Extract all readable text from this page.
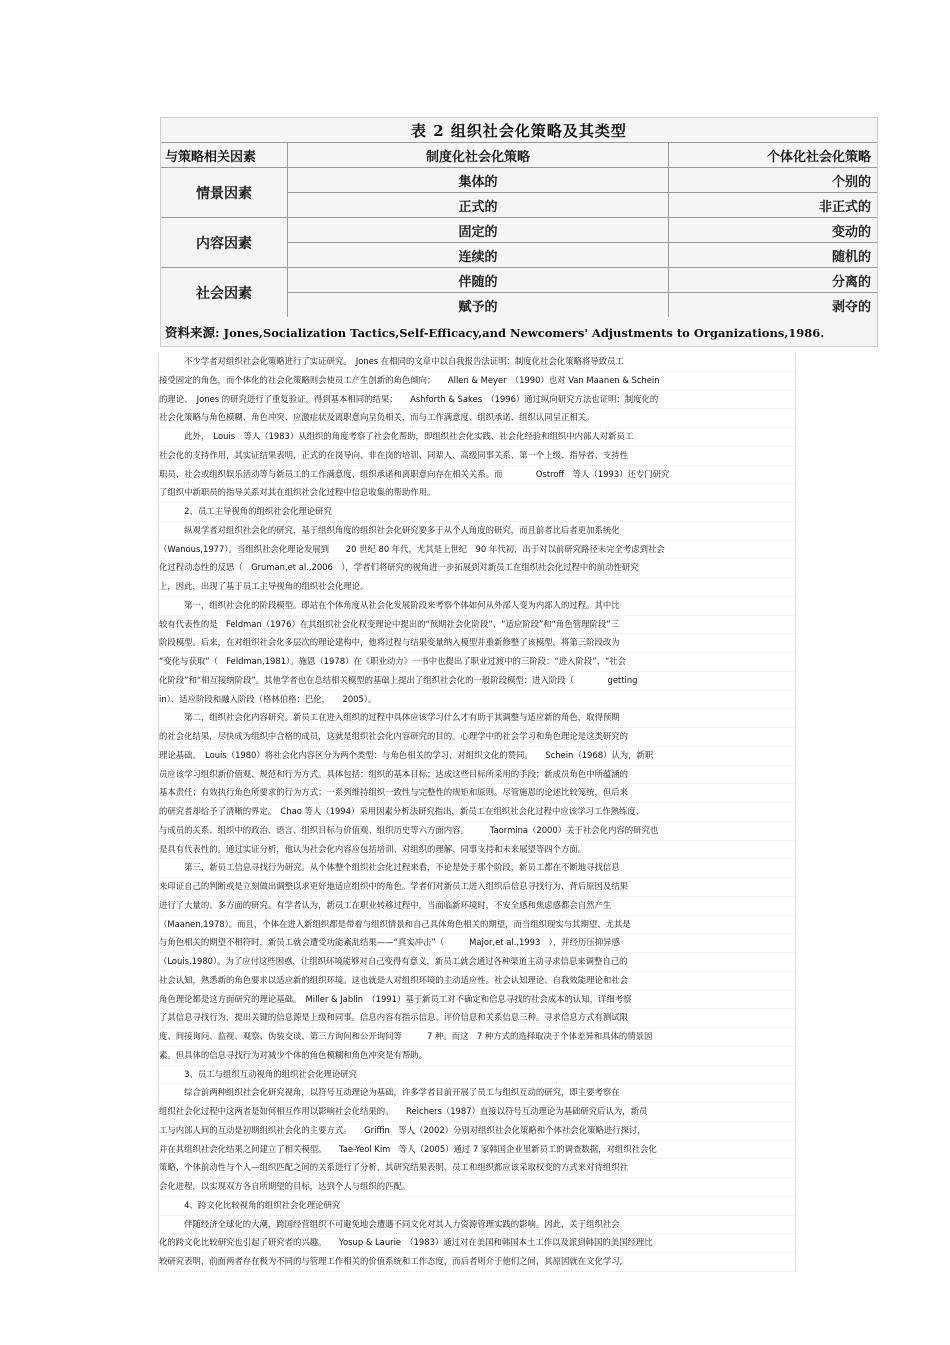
表 2 组织社会化策略及其类型
与策略相关因素	制度化社会化策略	个体化社会化策略
情景因素	集体的	个别的
	正式的	非正式的
内容因素	固定的	变动的
	连续的	随机的
社会因素	伴随的	分离的
	赋予的	剥夺的
资料来源: Jones,Socialization Tactics,Self-Efficacy,and Newcomers' Adjustments to Organizations,1986.
　　　不少学者对组织社会化策略进行了实证研究。　Jones 在相同的文章中以自我报告法证明：制度化社会化策略将导致员工
接受固定的角色，而个体化的社会化策略则会使员工产生创新的角色倾向；　　Allen & Meyer　（1990）也对 Van Maanen & Schein
的理论、　Jones 的研究进行了重复验证，得到基本相同的结果；　　Ashforth & Sakes　（1996）通过纵向研究方法也证明：制度化的
社会化策略与角色模糊、角色冲突、应激症状及离职意向呈负相关，而与工作满意度、组织承诺、组织认同呈正相关。
　　　此外，　Louis　等人（1983）从组织的角度考察了社会化帮助，即组织社会化实践、社会化经验和组织中内部人对新员工
社会化的支持作用，其实证结果表明，正式的在岗导向、非在岗的培训、同辈人、高级同事关系、第一个上级、指导者、支持性
职员、社会或组织娱乐活动等与新员工的工作满意度、组织承诺和离职意向存在相关关系。而　　　　Ostroff　等人（1993）还专门研究
了组织中新职员的指导关系对其在组织社会化过程中信息收集的帮助作用。
　　　2、员工主导视角的组织社会化理论研究
　　　纵观学者对组织社会化的研究，基于组织角度的组织社会化研究要多于从个人角度的研究，而且前者比后者更加系统化
（Wanous,1977）。当组织社会化理论发展到　　20 世纪 80 年代，尤其是上世纪　90 年代初，出于对以前研究路径未完全考虑到社会
化过程动态性的反思（　Gruman,et al.,2006　），学者们将研究的视角进一步拓展到对新员工在组织社会化过程中的前动性研究
上，因此，出现了基于员工主导视角的组织社会化理论。
　　　第一，组织社会化的阶段模型。即站在个体角度从社会化发展阶段来考察个体如何从外部人变为内部人的过程。其中比
较有代表性的是　Feldman（1976）在其组织社会化权变理论中提出的“预期社会化阶段”、“适应阶段”和“角色管理阶段”三
阶段模型。后来，在对组织社会化多层次的理论建构中，他将过程与结果变量纳入模型并重新修整了该模型，将第三阶段改为
“变化与获取”（　Feldman,1981）。施恩（1978）在《职业动力》一书中也提出了职业过渡中的三阶段：“进入阶段”、“社会
化阶段”和“相互接纳阶段”。其他学者也在总结相关模型的基础上提出了组织社会化的一般阶段模型：进入阶段（　　　　getting
in）、适应阶段和融入阶段（格林伯格；巴伦，　　2005）。
　　　第二，组织社会化内容研究。新员工在进入组织的过程中具体应该学习什么才有助于其调整与适应新的角色，取得预期
的社会化结果，尽快成为组织中合格的成员，这就是组织社会化内容研究的目的。心理学中的社会学习和角色理论是这类研究的
理论基础。　Louis（1980）将社会化内容区分为两个类型：与角色相关的学习、对组织文化的赞同。　　Schein（1968）认为，新职
员应该学习组织新价值观、规范和行为方式。具体包括：组织的基本目标；达成这些目标所采用的手段；新成员角色中所蕴涵的
基本责任；有效执行角色所要求的行为方式；一系列维持组织一致性与完整性的规矩和原则。尽管施恩的论述比较笼统，但后来
的研究者却给予了清晰的界定。　Chao 等人（1994）采用因素分析法研究指出，新员工在组织社会化过程中应该学习工作熟练度、
与成员的关系、组织中的政治、语言、组织目标与价值观、组织历史等六方面内容。　　　Taormina（2000）关于社会化内容的研究也
是具有代表性的。通过实证分析，他认为社会化内容应包括培训、对组织的理解、同事支持和未来展望等四个方面。
　　　第三，新员工信息寻找行为研究。从个体整个组织社会化过程来看，不论是处于那个阶段，新员工都在不断地寻找信息
来印证自己的判断或是立刻做出调整以求更好地适应组织中的角色。学者们对新员工进入组织后信息寻找行为、背后原因及结果
进行了大量的、多方面的研究。有学者认为，新员工在职业转移过程中，当面临新环境时，不安全感和焦虑感都会自然产生
（Maanen,1978）。而且，个体在进入新组织都是带着与组织情景和自己具体角色相关的期望，而当组织现实与其期望、尤其是
与角色相关的期望不相符时，新员工就会遭受功能紊乱结果——“真实冲击”（　　　Major,et al.,1993　），并经历压抑异感
（Louis,1980）。为了应付这些困惑，让组织环境能够对自己变得有意义，新员工就会通过各种渠道主动寻求信息来调整自己的
社会认知，熟悉新的角色要求以适应新的组织环境。这也就是人对组织环境的主动适应性。社会认知理论、自我效能理论和社会
角色理论都是这方面研究的理论基础。　Miller & Jablin　（1991）基于新员工对不确定和信息寻找的社会成本的认知，详细考察
了其信息寻找行为，提出关键的信息源是上级和同事。信息内容有指示信息、评价信息和关系信息三种。寻求信息方式有测试限
度、间接询问、监视、观察、伪装交谈、第三方询问和公开询问等　　　7 种。而这　7 种方式的选择取决于个体差异和具体的情景因
素。但具体的信息寻找行为对减少个体的角色模糊和角色冲突是有帮助。
　　　3、员工与组织互动视角的组织社会化理论研究
　　　综合前两种组织社会化研究视角，以符号互动理论为基础，许多学者目前开展了员工与组织互动的研究，即主要考察在
组织社会化过程中这两者是如何相互作用以影响社会化结果的。　　Reichers（1987）直接以符号互动理论为基础研究后认为，新员
工与内部人间的互动是初期组织社会化的主要方式。　　Griffin　等人（2002）分别对组织社会化策略和个体社会化策略进行探讨，
并在其组织社会化结果之间建立了相关模型。　　Tae-Yeol Kim　等人（2005）通过 7 家韩国企业里新员工的调查数据，对组织社会化
策略、个体前动性与个人—组织匹配之间的关系进行了分析，其研究结果表明，员工和组织都应该采取权变的方式来对待组织社
会化进程，以实现双方各自所期望的目标，达到个人与组织的匹配。
　　　4、跨文化比较视角的组织社会化理论研究
　　　伴随经济全球化的大潮，跨国经营组织不可避免地会遭遇不同文化对其人力资源管理实践的影响。因此，关于组织社会
化的跨文化比较研究也引起了研究者的兴趣。　　Yosup & Laurie　（1983）通过对在美国和韩国本土工作以及派到韩国的美国经理比
较研究表明，前面两者存在极为不同的与管理工作相关的价值系统和工作态度，而后者则介于他们之间，其原因就在文化学习,
